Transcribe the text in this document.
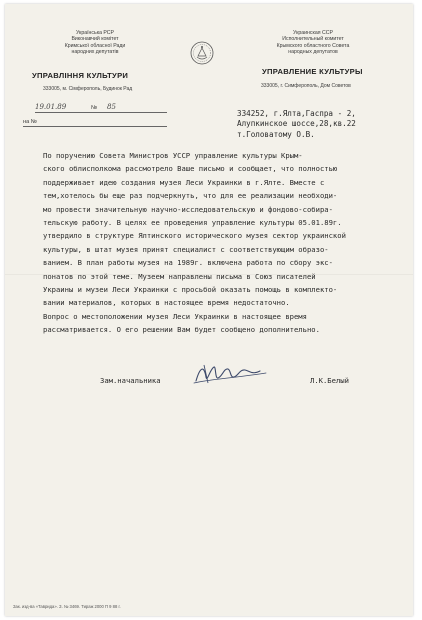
Українська РСР
Виконавчий комітет
Кримської обласної Ради
народних депутатів
Украинская ССР
Исполнительный комитет
Крымского областного Совета
народных депутатов
УПРАВЛІННЯ КУЛЬТУРИ	УПРАВЛЕНИЕ КУЛЬТУРЫ
333005, м. Сімферополь, Будинок Рад	333005, г. Симферополь, Дом Советов
19.01.89	№ 85
на №
334252, г.Ялта,Гаспра - 2,
Алупкинское шоссе,28,кв.22
т.Головатому О.В.
По поручению Совета Министров УССР управление культуры Крым-
ского облисполкома рассмотрело Ваше письмо и сообщает, что полностью
поддерживает идею создания музея Леси Украинки в г.Ялте. Вместе с
тем,хотелось бы еще раз подчеркнуть, что для ее реализации необходи-
мо провести значительную научно-исследовательскую и фондово-собира-
тельскую работу. В целях ее проведения управление культуры 05.01.89г.
утвердило в структуре Ялтинского исторического музея сектор украинской
культуры, в штат музея принят специалист с соответствующим образо-
ванием. В план работы музея на 1989г. включена работа по сбору экс-
понатов по этой теме. Музеем направлены письма в Союз писателей
Украины и музеи Леси Украинки с просьбой оказать помощь в комплекто-
вании материалов, которых в настоящее время недостаточно.
Вопрос о местоположении музея Леси Украинки в настоящее время
рассматривается. О его решении Вам будет сообщено дополнительно.
Зам.начальника	Л.К.Белый
Зак. изд-ва «Таврида». З. № 3469. Тираж 2000 П 9 88 г.
